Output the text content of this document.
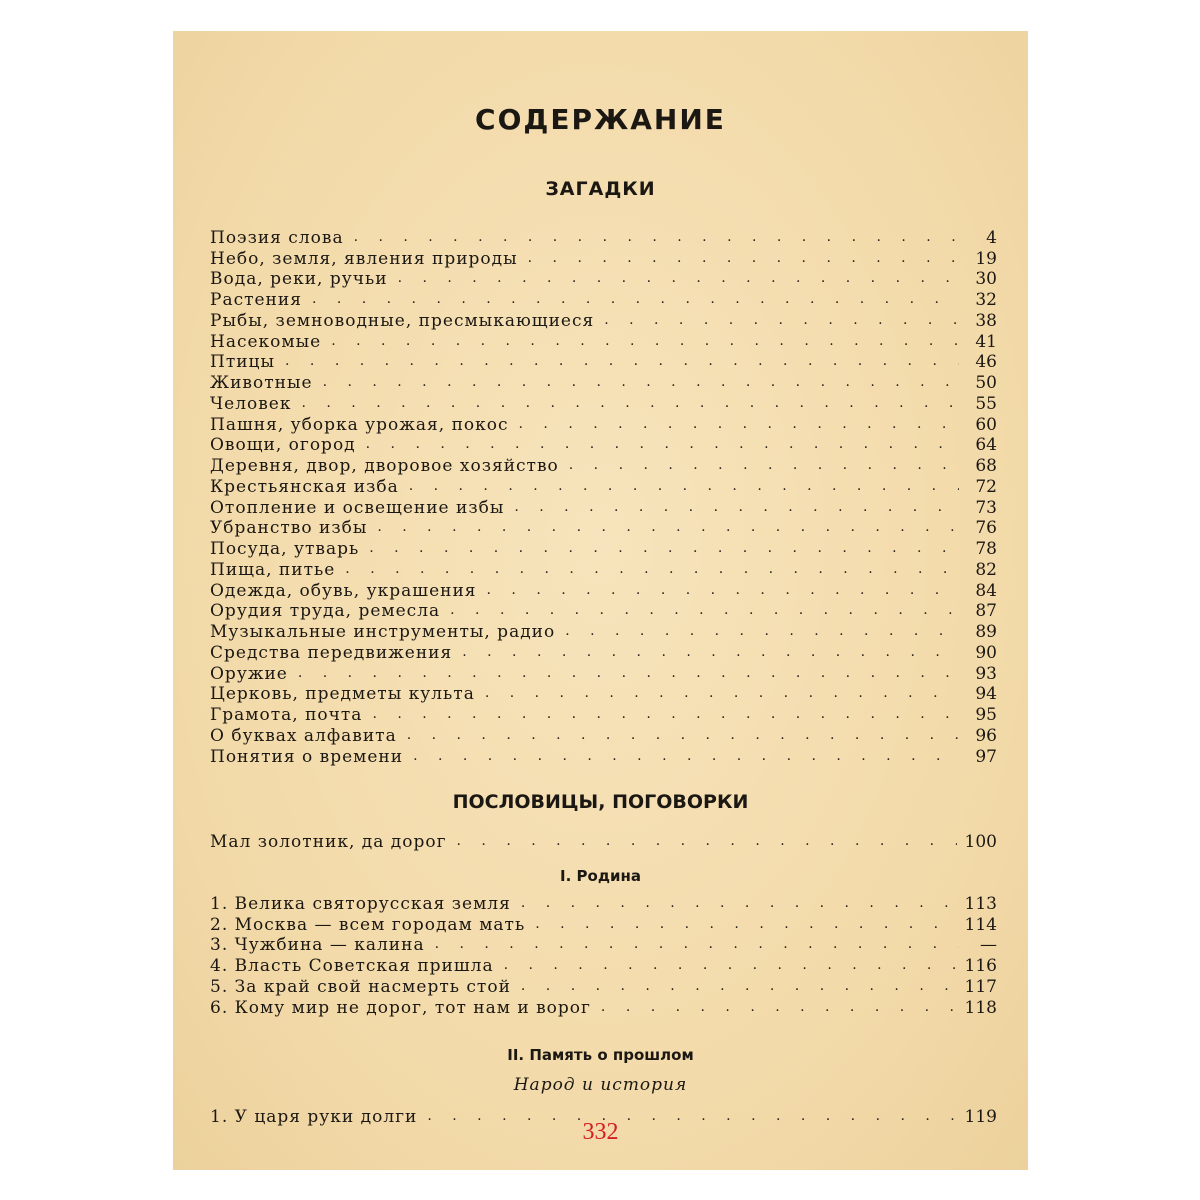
СОДЕРЖАНИЕ
ЗАГАДКИ
Поэзия слова . . .	4
Небо, земля, явления природы . . .	19
Вода, реки, ручьи . . .	30
Растения . . .	32
Рыбы, земноводные, пресмыкающиеся . . .	38
Насекомые . . .	41
Птицы . . .	46
Животные . . .	50
Человек . . .	55
Пашня, уборка урожая, покос . . .	60
Овощи, огород . . .	64
Деревня, двор, дворовое хозяйство . . .	68
Крестьянская изба . . .	72
Отопление и освещение избы . . .	73
Убранство избы . . .	76
Посуда, утварь . . .	78
Пища, питье . . .	82
Одежда, обувь, украшения . . .	84
Орудия труда, ремесла . . .	87
Музыкальные инструменты, радио . . .	89
Средства передвижения . . .	90
Оружие . . .	93
Церковь, предметы культа . . .	94
Грамота, почта . . .	95
О буквах алфавита . . .	96
Понятия о времени . . .	97
ПОСЛОВИЦЫ, ПОГОВОРКИ
Мал золотник, да дорог . . .	100
I. Родина
1. Велика святорусская земля . . .	113
2. Москва — всем городам мать . . .	114
3. Чужбина — калина . . .	—
4. Власть Советская пришла . . .	116
5. За край свой насмерть стой . . .	117
6. Кому мир не дорог, тот нам и ворог . . .	118
II. Память о прошлом
Народ и история
1. У царя руки долги . . .	119
332
